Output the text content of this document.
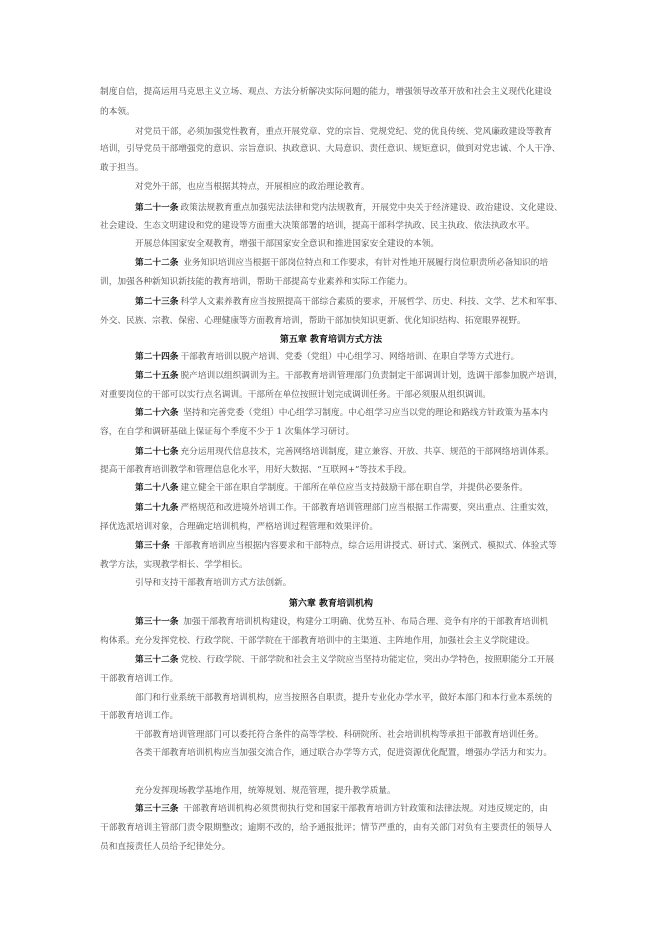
制度自信，提高运用马克思主义立场、观点、方法分析解决实际问题的能力，增强领导改革开放和社会主义现代化建设
的本领。
对党员干部，必须加强党性教育，重点开展党章、党的宗旨、党规党纪、党的优良传统、党风廉政建设等教育
培训，引导党员干部增强党的意识、宗旨意识、执政意识、大局意识、责任意识、规矩意识，做到对党忠诚、个人干净、
敢于担当。
对党外干部，也应当根据其特点，开展相应的政治理论教育。
第二十一条 政策法规教育重点加强宪法法律和党内法规教育，开展党中央关于经济建设、政治建设、文化建设、
社会建设、生态文明建设和党的建设等方面重大决策部署的培训，提高干部科学执政、民主执政、依法执政水平。
开展总体国家安全观教育，增强干部国家安全意识和推进国家安全建设的本领。
第二十二条 业务知识培训应当根据干部岗位特点和工作要求，有针对性地开展履行岗位职责所必备知识的培
训，加强各种新知识新技能的教育培训，帮助干部提高专业素养和实际工作能力。
第二十三条 科学人文素养教育应当按照提高干部综合素质的要求，开展哲学、历史、科技、文学、艺术和军事、
外交、民族、宗教、保密、心理健康等方面教育培训，帮助干部加快知识更新、优化知识结构、拓宽眼界视野。
第五章 教育培训方式方法
第二十四条 干部教育培训以脱产培训、党委（党组）中心组学习、网络培训、在职自学等方式进行。
第二十五条 脱产培训以组织调训为主。干部教育培训管理部门负责制定干部调训计划，选调干部参加脱产培训，
对重要岗位的干部可以实行点名调训。干部所在单位按照计划完成调训任务。干部必须服从组织调训。
第二十六条 坚持和完善党委（党组）中心组学习制度。中心组学习应当以党的理论和路线方针政策为基本内
容，在自学和调研基础上保证每个季度不少于 1 次集体学习研讨。
第二十七条 充分运用现代信息技术，完善网络培训制度，建立兼容、开放、共享、规范的干部网络培训体系。
提高干部教育培训教学和管理信息化水平，用好大数据、“互联网+”等技术手段。
第二十八条 建立健全干部在职自学制度。干部所在单位应当支持鼓励干部在职自学，并提供必要条件。
第二十九条 严格规范和改进境外培训工作。干部教育培训管理部门应当根据工作需要，突出重点、注重实效，
择优选派培训对象，合理确定培训机构，严格培训过程管理和效果评价。
第三十条 干部教育培训应当根据内容要求和干部特点，综合运用讲授式、研讨式、案例式、模拟式、体验式等
教学方法，实现教学相长、学学相长。
引导和支持干部教育培训方式方法创新。
第六章 教育培训机构
第三十一条 加强干部教育培训机构建设，构建分工明确、优势互补、布局合理、竞争有序的干部教育培训机
构体系。充分发挥党校、行政学院、干部学院在干部教育培训中的主渠道、主阵地作用，加强社会主义学院建设。
第三十二条 党校、行政学院、干部学院和社会主义学院应当坚持功能定位，突出办学特色，按照职能分工开展
干部教育培训工作。
部门和行业系统干部教育培训机构，应当按照各自职责，提升专业化办学水平，做好本部门和本行业本系统的
干部教育培训工作。
干部教育培训管理部门可以委托符合条件的高等学校、科研院所、社会培训机构等承担干部教育培训任务。
各类干部教育培训机构应当加强交流合作，通过联合办学等方式，促进资源优化配置，增强办学活力和实力。
充分发挥现场教学基地作用，统筹规划、规范管理，提升教学质量。
第三十三条 干部教育培训机构必须贯彻执行党和国家干部教育培训方针政策和法律法规。对违反规定的，由
干部教育培训主管部门责令限期整改；逾期不改的，给予通报批评；情节严重的，由有关部门对负有主要责任的领导人
员和直接责任人员给予纪律处分。
